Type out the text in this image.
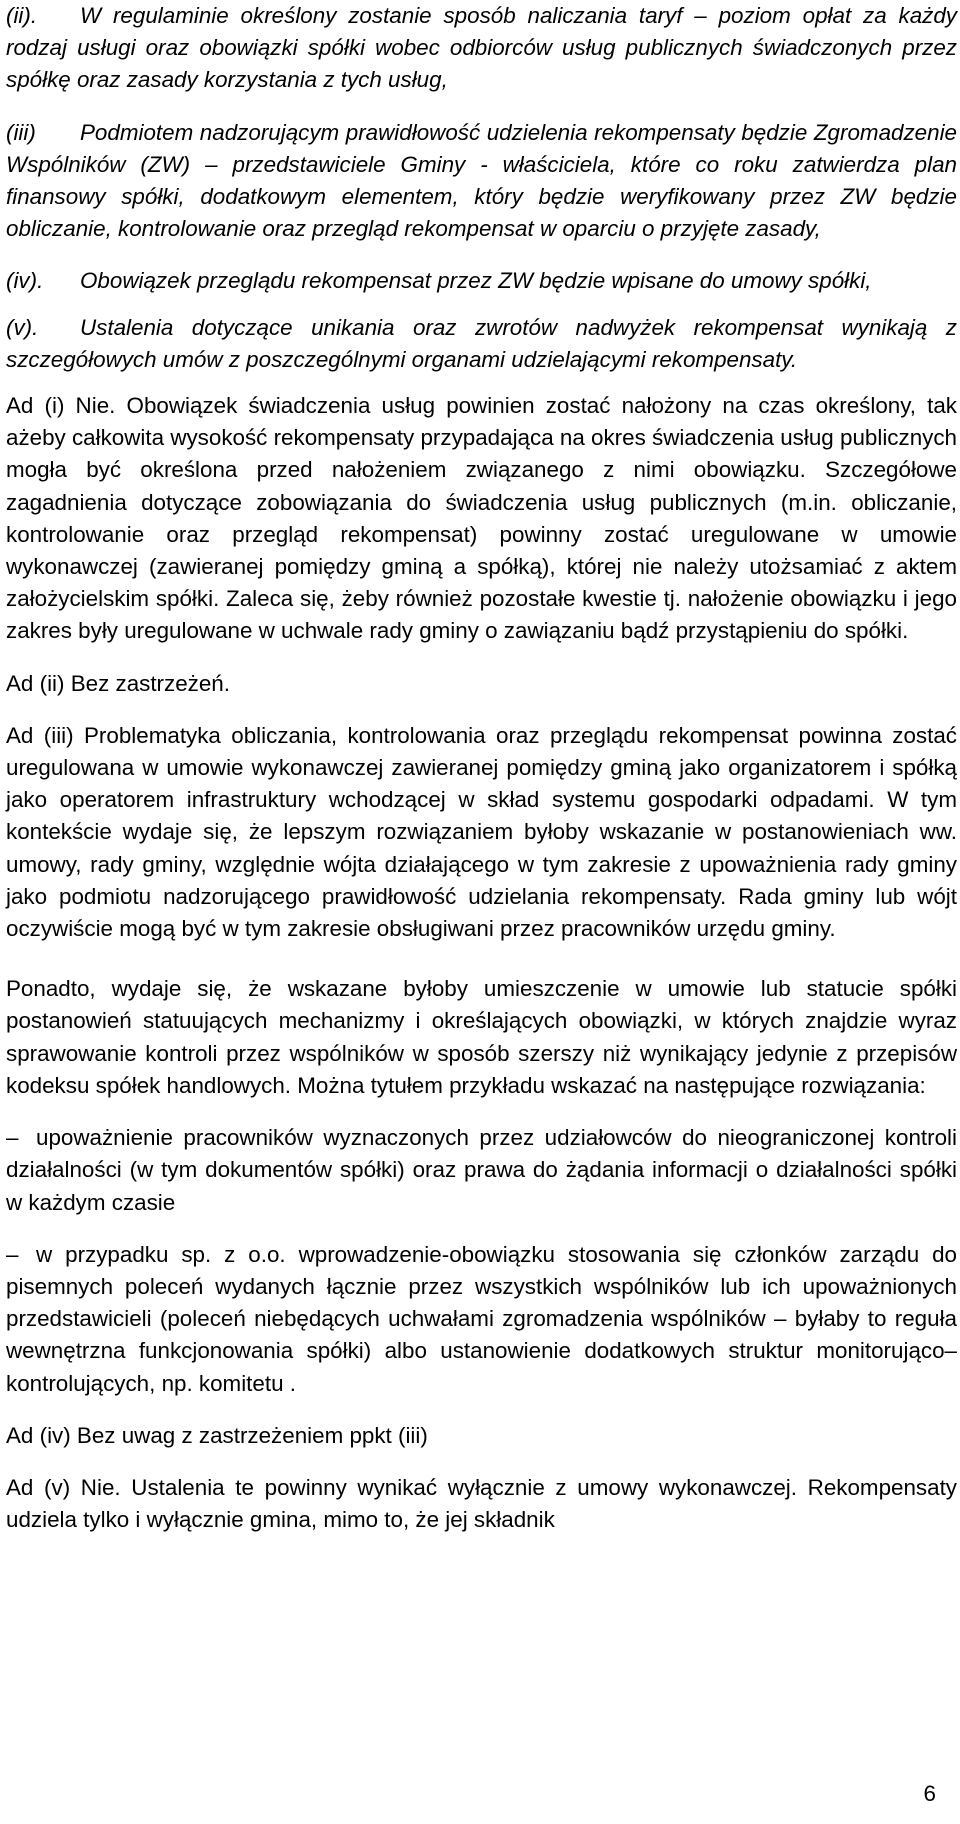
(ii). W regulaminie określony zostanie sposób naliczania taryf – poziom opłat za każdy rodzaj usługi oraz obowiązki spółki wobec odbiorców usług publicznych świadczonych przez spółkę oraz zasady korzystania z tych usług,

(iii) Podmiotem nadzorującym prawidłowość udzielenia rekompensaty będzie Zgromadzenie Wspólników (ZW) – przedstawiciele Gminy - właściciela, które co roku zatwierdza plan finansowy spółki, dodatkowym elementem, który będzie weryfikowany przez ZW będzie obliczanie, kontrolowanie oraz przegląd rekompensat w oparciu o przyjęte zasady,

(iv). Obowiązek przeglądu rekompensat przez ZW będzie wpisane do umowy spółki,

(v). Ustalenia dotyczące unikania oraz zwrotów nadwyżek rekompensat wynikają z szczegółowych umów z poszczególnymi organami udzielającymi rekompensaty.

Ad (i) Nie. Obowiązek świadczenia usług powinien zostać nałożony na czas określony, tak ażeby całkowita wysokość rekompensaty przypadająca na okres świadczenia usług publicznych mogła być określona przed nałożeniem związanego z nimi obowiązku. Szczegółowe zagadnienia dotyczące zobowiązania do świadczenia usług publicznych (m.in. obliczanie, kontrolowanie oraz przegląd rekompensat) powinny zostać uregulowane w umowie wykonawczej (zawieranej pomiędzy gminą a spółką), której nie należy utożsamiać z aktem założycielskim spółki. Zaleca się, żeby również pozostałe kwestie tj. nałożenie obowiązku i jego zakres były uregulowane w uchwale rady gminy o zawiązaniu bądź przystąpieniu do spółki.

Ad (ii) Bez zastrzeżeń.

Ad (iii) Problematyka obliczania, kontrolowania oraz przeglądu rekompensat powinna zostać uregulowana w umowie wykonawczej zawieranej pomiędzy gminą jako organizatorem i spółką jako operatorem infrastruktury wchodzącej w skład systemu gospodarki odpadami. W tym kontekście wydaje się, że lepszym rozwiązaniem byłoby wskazanie w postanowieniach ww. umowy, rady gminy, względnie wójta działającego w tym zakresie z upoważnienia rady gminy jako podmiotu nadzorującego prawidłowość udzielania rekompensaty. Rada gminy lub wójt oczywiście mogą być w tym zakresie obsługiwani przez pracowników urzędu gminy.

Ponadto, wydaje się, że wskazane byłoby umieszczenie w umowie lub statucie spółki postanowień statuujących mechanizmy i określających obowiązki, w których znajdzie wyraz sprawowanie kontroli przez wspólników w sposób szerszy niż wynikający jedynie z przepisów kodeksu spółek handlowych. Można tytułem przykładu wskazać na następujące rozwiązania:

– upoważnienie pracowników wyznaczonych przez udziałowców do nieograniczonej kontroli działalności (w tym dokumentów spółki) oraz prawa do żądania informacji o działalności spółki w każdym czasie

– w przypadku sp. z o.o. wprowadzenie-obowiązku stosowania się członków zarządu do pisemnych poleceń wydanych łącznie przez wszystkich wspólników lub ich upoważnionych przedstawicieli (poleceń niebędących uchwałami zgromadzenia wspólników – byłaby to reguła wewnętrzna funkcjonowania spółki) albo ustanowienie dodatkowych struktur monitorująco–kontrolujących, np. komitetu .

Ad (iv) Bez uwag z zastrzeżeniem ppkt (iii)

Ad (v) Nie. Ustalenia te powinny wynikać wyłącznie z umowy wykonawczej. Rekompensaty udziela tylko i wyłącznie gmina, mimo to, że jej składnik

6
